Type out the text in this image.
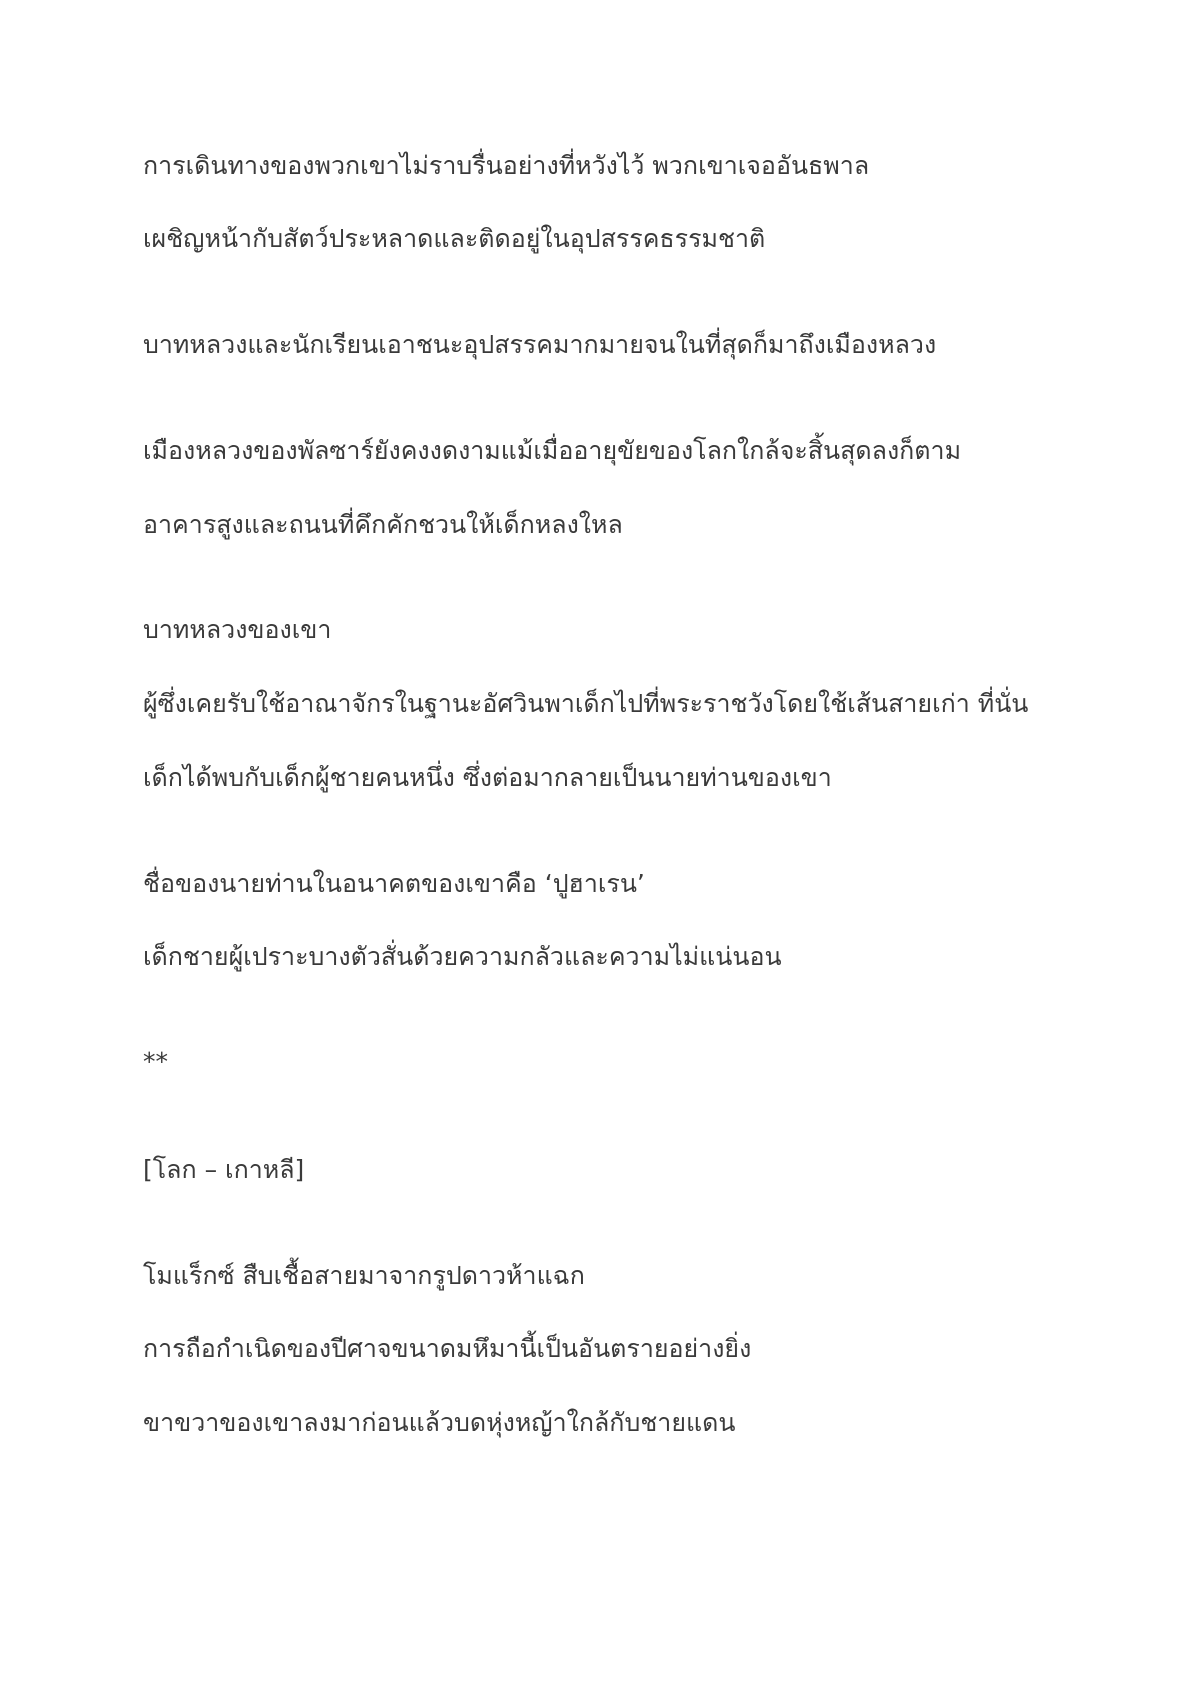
การเดินทางของพวกเขาไม่ราบรื่นอย่างที่หวังไว้ พวกเขาเจออันธพาล

เผชิญหน้ากับสัตว์ประหลาดและติดอยู่ในอุปสรรคธรรมชาติ

บาทหลวงและนักเรียนเอาชนะอุปสรรคมากมายจนในที่สุดก็มาถึงเมืองหลวง

เมืองหลวงของพัลซาร์ยังคงงดงามแม้เมื่ออายุขัยของโลกใกล้จะสิ้นสุดลงก็ตาม

อาคารสูงและถนนที่คึกคักชวนให้เด็กหลงใหล

บาทหลวงของเขา

ผู้ซึ่งเคยรับใช้อาณาจักรในฐานะอัศวินพาเด็กไปที่พระราชวังโดยใช้เส้นสายเก่า ที่นั่น

เด็กได้พบกับเด็กผู้ชายคนหนึ่ง ซึ่งต่อมากลายเป็นนายท่านของเขา

ชื่อของนายท่านในอนาคตของเขาคือ ‘ปูฮาเรน’

เด็กชายผู้เปราะบางตัวสั่นด้วยความกลัวและความไม่แน่นอน

**

[โลก – เกาหลี]

โมแร็กซ์ สืบเชื้อสายมาจากรูปดาวห้าแฉก

การถือกำเนิดของปีศาจขนาดมหึมานี้เป็นอันตรายอย่างยิ่ง

ขาขวาของเขาลงมาก่อนแล้วบดหุ่งหญ้าใกล้กับชายแดน
